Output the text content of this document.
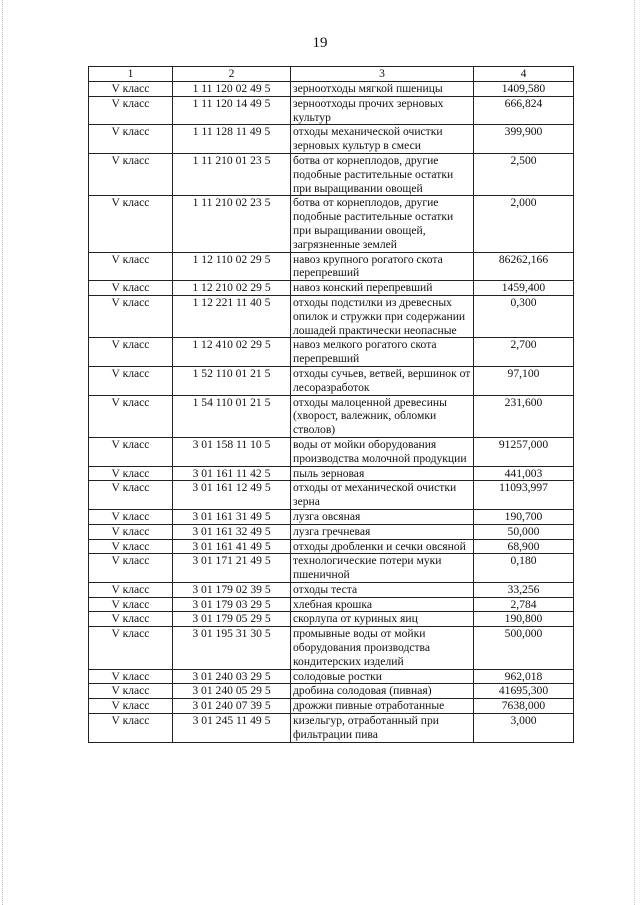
19
1	2	3	4
V класс	1 11 120 02 49 5	зерноотходы мягкой пшеницы	1409,580
V класс	1 11 120 14 49 5	зерноотходы прочих зерновых культур	666,824
V класс	1 11 128 11 49 5	отходы механической очистки зерновых культур в смеси	399,900
V класс	1 11 210 01 23 5	ботва от корнеплодов, другие подобные растительные остатки при выращивании овощей	2,500
V класс	1 11 210 02 23 5	ботва от корнеплодов, другие подобные растительные остатки при выращивании овощей, загрязненные землей	2,000
V класс	1 12 110 02 29 5	навоз крупного рогатого скота перепревший	86262,166
V класс	1 12 210 02 29 5	навоз конский перепревший	1459,400
V класс	1 12 221 11 40 5	отходы подстилки из древесных опилок и стружки при содержании лошадей практически неопасные	0,300
V класс	1 12 410 02 29 5	навоз мелкого рогатого скота перепревший	2,700
V класс	1 52 110 01 21 5	отходы сучьев, ветвей, вершинок от лесоразработок	97,100
V класс	1 54 110 01 21 5	отходы малоценной древесины (хворост, валежник, обломки стволов)	231,600
V класс	3 01 158 11 10 5	воды от мойки оборудования производства молочной продукции	91257,000
V класс	3 01 161 11 42 5	пыль зерновая	441,003
V класс	3 01 161 12 49 5	отходы от механической очистки зерна	11093,997
V класс	3 01 161 31 49 5	лузга овсяная	190,700
V класс	3 01 161 32 49 5	лузга гречневая	50,000
V класс	3 01 161 41 49 5	отходы дробленки и сечки овсяной	68,900
V класс	3 01 171 21 49 5	технологические потери муки пшеничной	0,180
V класс	3 01 179 02 39 5	отходы теста	33,256
V класс	3 01 179 03 29 5	хлебная крошка	2,784
V класс	3 01 179 05 29 5	скорлупа от куриных яиц	190,800
V класс	3 01 195 31 30 5	промывные воды от мойки оборудования производства кондитерских изделий	500,000
V класс	3 01 240 03 29 5	солодовые ростки	962,018
V класс	3 01 240 05 29 5	дробина солодовая (пивная)	41695,300
V класс	3 01 240 07 39 5	дрожжи пивные отработанные	7638,000
V класс	3 01 245 11 49 5	кизельгур, отработанный при фильтрации пива	3,000
